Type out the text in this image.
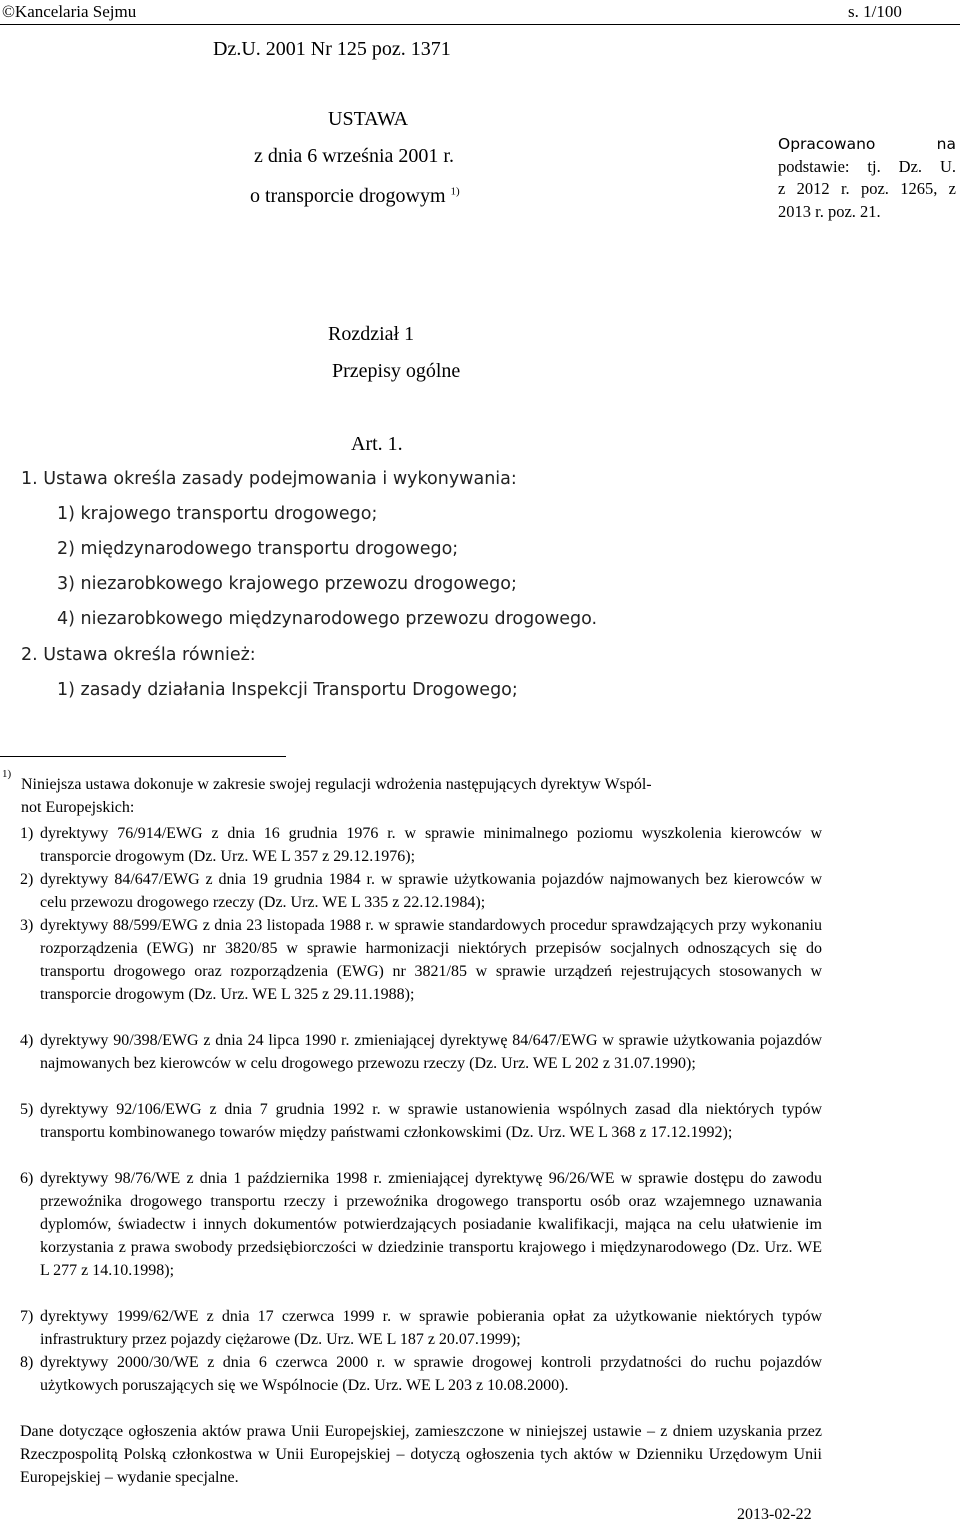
©Kancelaria Sejmu	s. 1/100
Dz.U. 2001 Nr 125 poz. 1371
USTAWA
z dnia 6 września 2001 r.
o transporcie drogowym $^{1)}$
Opracowano na
podstawie: tj. Dz. U.
z 2012 r. poz. 1265, z
2013 r. poz. 21.
Rozdział 1
Przepisy ogólne
Art. 1.
1. Ustawa określa zasady podejmowania i wykonywania:
1) krajowego transportu drogowego;
2) międzynarodowego transportu drogowego;
3) niezarobkowego krajowego przewozu drogowego;
4) niezarobkowego międzynarodowego przewozu drogowego.
2. Ustawa określa również:
1) zasady działania Inspekcji Transportu Drogowego;
1)
Niniejsza ustawa dokonuje w zakresie swojej regulacji wdrożenia następujących dyrektyw Wspól-
not Europejskich:
1) dyrektywy 76/914/EWG z dnia 16 grudnia 1976 r. w sprawie minimalnego poziomu wyszkolenia kierowców w transporcie drogowym (Dz. Urz. WE L 357 z 29.12.1976);
2) dyrektywy 84/647/EWG z dnia 19 grudnia 1984 r. w sprawie użytkowania pojazdów najmowanych bez kierowców w celu przewozu drogowego rzeczy (Dz. Urz. WE L 335 z 22.12.1984);
3) dyrektywy 88/599/EWG z dnia 23 listopada 1988 r. w sprawie standardowych procedur sprawdzających przy wykonaniu rozporządzenia (EWG) nr 3820/85 w sprawie harmonizacji niektórych przepisów socjalnych odnoszących się do transportu drogowego oraz rozporządzenia (EWG) nr 3821/85 w sprawie urządzeń rejestrujących stosowanych w transporcie drogowym (Dz. Urz. WE L 325 z 29.11.1988);
4) dyrektywy 90/398/EWG z dnia 24 lipca 1990 r. zmieniającej dyrektywę 84/647/EWG w sprawie użytkowania pojazdów najmowanych bez kierowców w celu drogowego przewozu rzeczy (Dz. Urz. WE L 202 z 31.07.1990);
5) dyrektywy 92/106/EWG z dnia 7 grudnia 1992 r. w sprawie ustanowienia wspólnych zasad dla niektórych typów transportu kombinowanego towarów między państwami członkowskimi (Dz. Urz. WE L 368 z 17.12.1992);
6) dyrektywy 98/76/WE z dnia 1 października 1998 r. zmieniającej dyrektywę 96/26/WE w sprawie dostępu do zawodu przewoźnika drogowego transportu rzeczy i przewoźnika drogowego transportu osób oraz wzajemnego uznawania dyplomów, świadectw i innych dokumentów potwierdzających posiadanie kwalifikacji, mająca na celu ułatwienie im korzystania z prawa swobody przedsiębiorczości w dziedzinie transportu krajowego i międzynarodowego (Dz. Urz. WE L 277 z 14.10.1998);
7) dyrektywy 1999/62/WE z dnia 17 czerwca 1999 r. w sprawie pobierania opłat za użytkowanie niektórych typów infrastruktury przez pojazdy ciężarowe (Dz. Urz. WE L 187 z 20.07.1999);
8) dyrektywy 2000/30/WE z dnia 6 czerwca 2000 r. w sprawie drogowej kontroli przydatności do ruchu pojazdów użytkowych poruszających się we Wspólnocie (Dz. Urz. WE L 203 z 10.08.2000).
Dane dotyczące ogłoszenia aktów prawa Unii Europejskiej, zamieszczone w niniejszej ustawie – z dniem uzyskania przez Rzeczpospolitą Polską członkostwa w Unii Europejskiej – dotyczą ogłoszenia tych aktów w Dzienniku Urzędowym Unii Europejskiej – wydanie specjalne.
2013-02-22
